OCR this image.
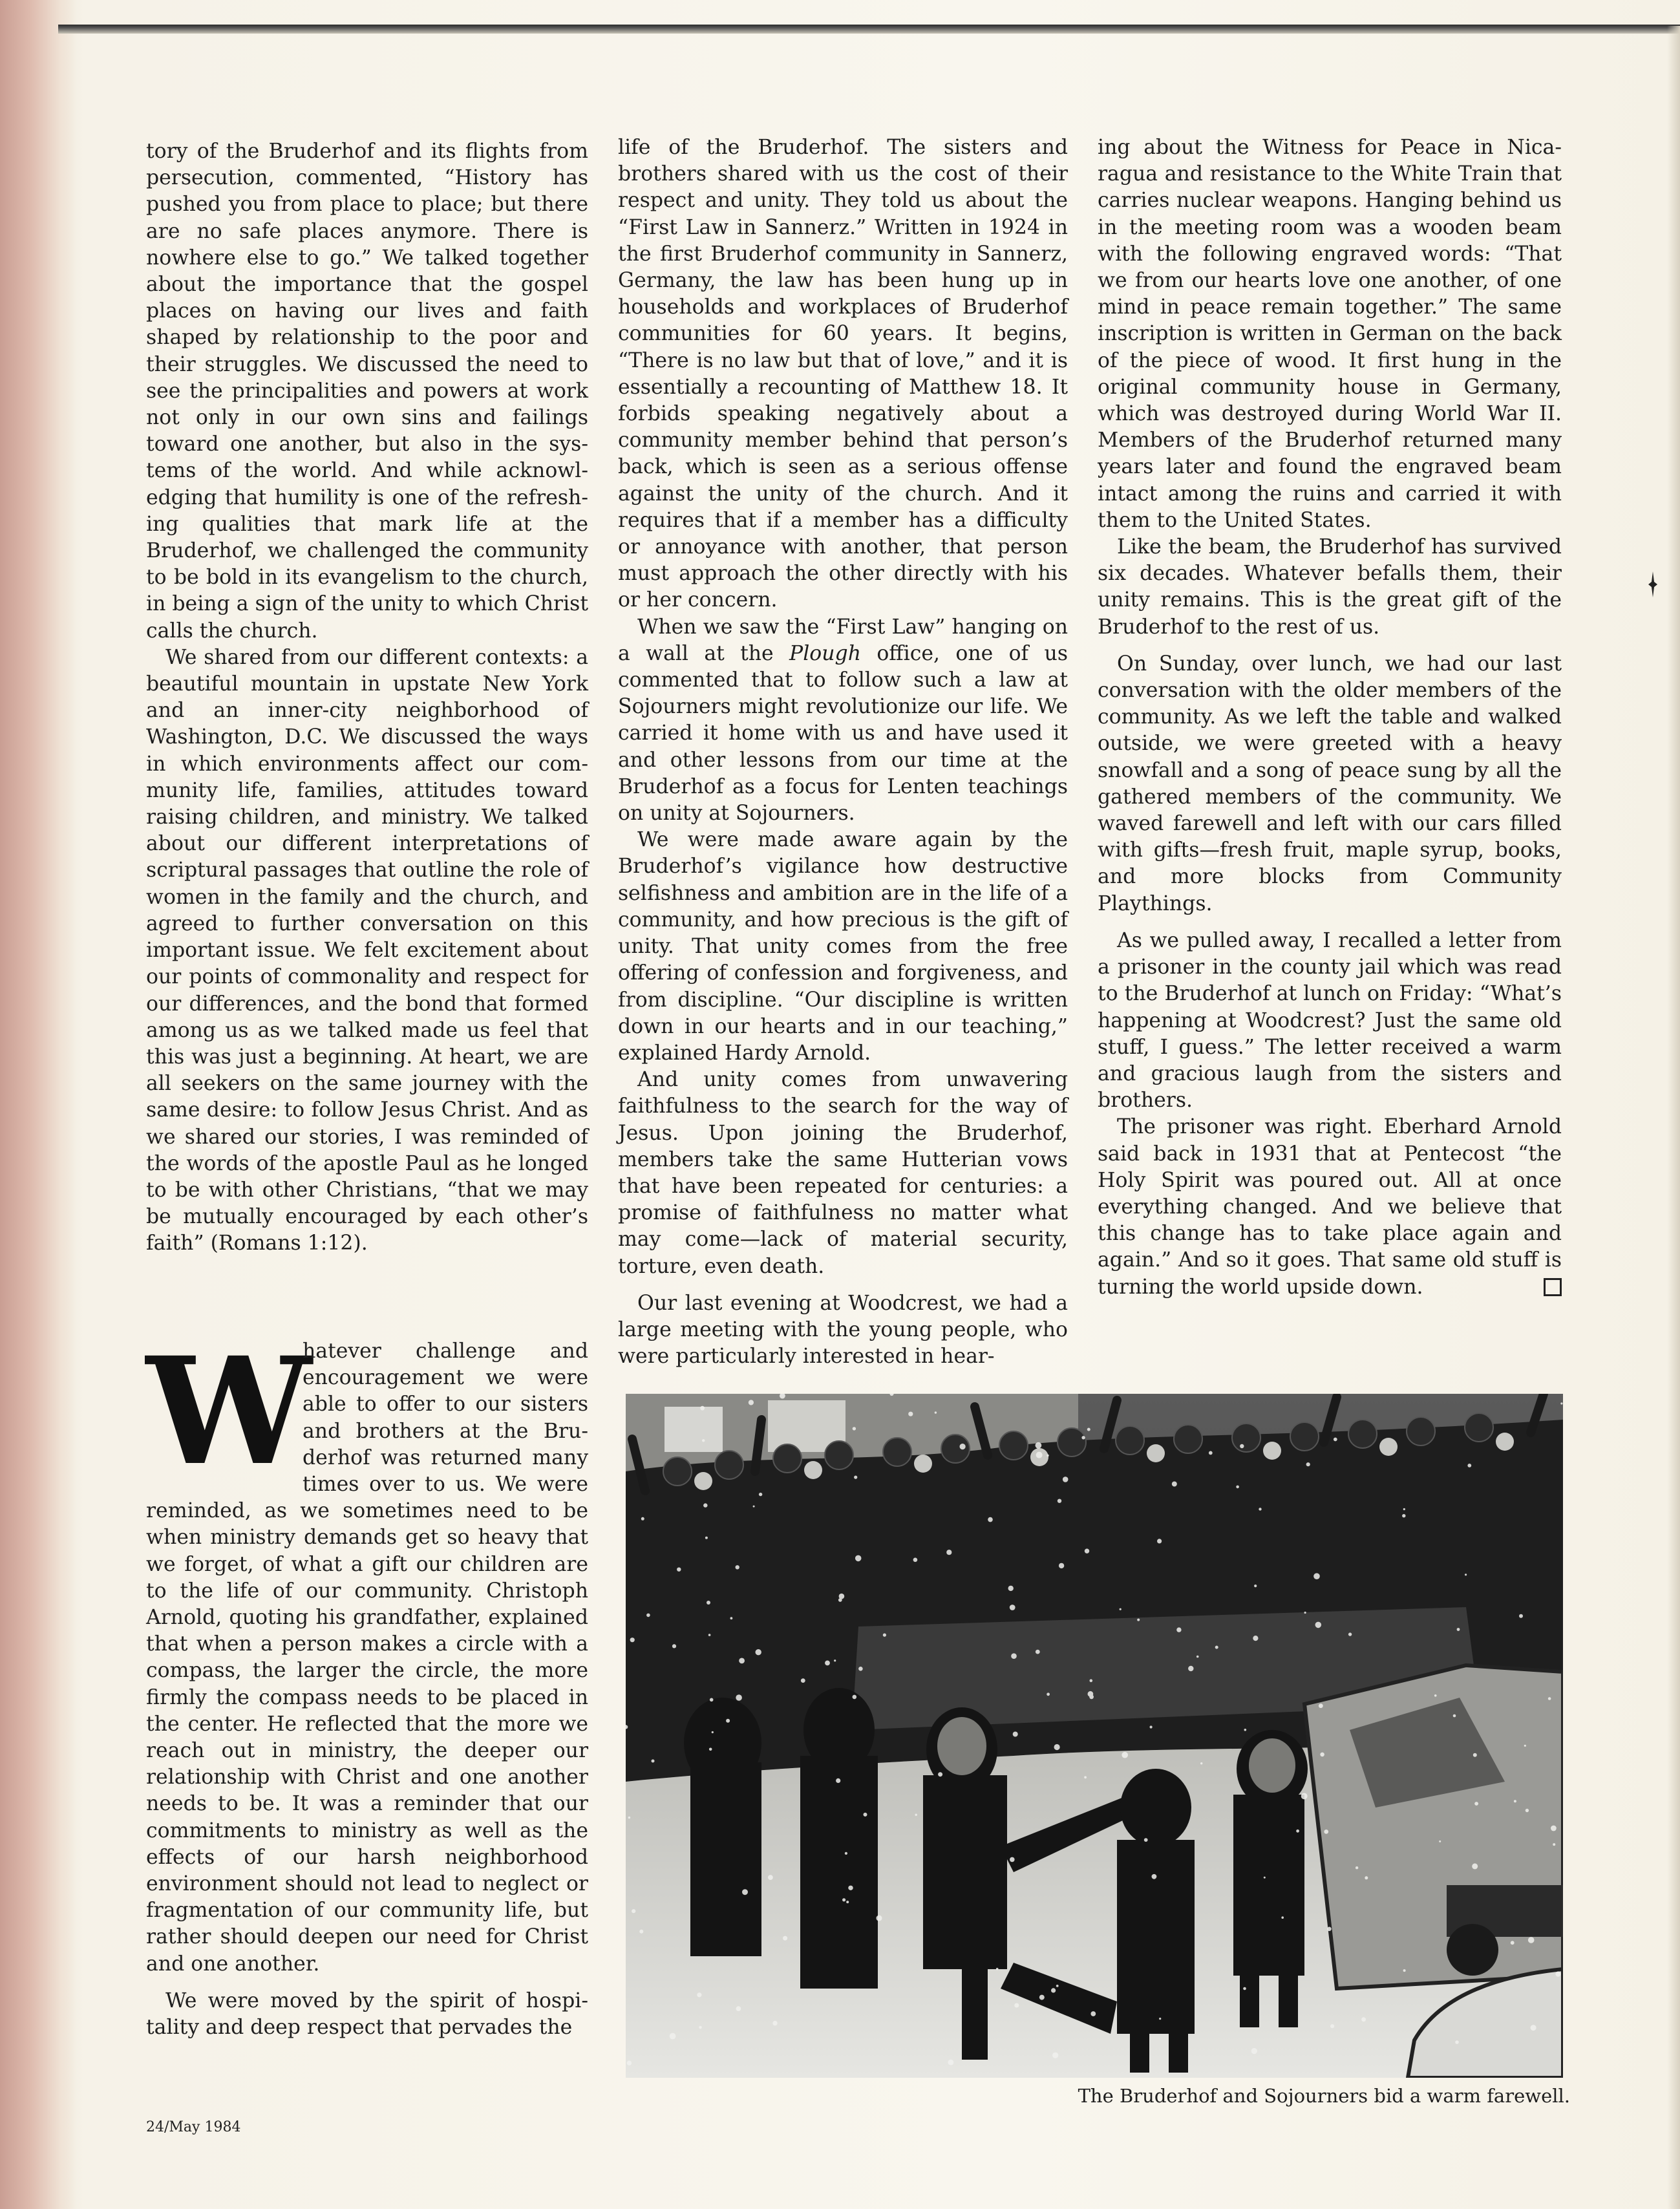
tory of the Bruderhof and its flights from persecution, commented, “History has pushed you from place to place; but there are no safe places anymore. There is nowhere else to go.” We talked together about the importance that the gospel places on having our lives and faith shaped by relationship to the poor and their struggles. We discussed the need to see the principalities and powers at work not only in our own sins and failings toward one another, but also in the systems of the world. And while acknowledging that humility is one of the refreshing qualities that mark life at the Bruderhof, we challenged the community to be bold in its evangelism to the church, in being a sign of the unity to which Christ calls the church.

We shared from our different contexts: a beautiful mountain in upstate New York and an inner-city neighborhood of Washington, D.C. We discussed the ways in which environments affect our community life, families, attitudes toward raising children, and ministry. We talked about our different interpretations of scriptural passages that outline the role of women in the family and the church, and agreed to further conversation on this important issue. We felt excitement about our points of commonality and respect for our differences, and the bond that formed among us as we talked made us feel that this was just a beginning. At heart, we are all seekers on the same journey with the same desire: to follow Jesus Christ. And as we shared our stories, I was reminded of the words of the apostle Paul as he longed to be with other Christians, “that we may be mutually encouraged by each other’s faith” (Romans 1:12).

W
hatever challenge and encouragement we were able to offer to our sisters and brothers at the Bruderhof was returned many times over to us. We were reminded, as we sometimes need to be when ministry demands get so heavy that we forget, of what a gift our children are to the life of our community. Christoph Arnold, quoting his grandfather, explained that when a person makes a circle with a compass, the larger the circle, the more firmly the compass needs to be placed in the center. He reflected that the more we reach out in ministry, the deeper our relationship with Christ and one another needs to be. It was a reminder that our commitments to ministry as well as the effects of our harsh neighborhood environment should not lead to neglect or fragmentation of our community life, but rather should deepen our need for Christ and one another.

We were moved by the spirit of hospitality and deep respect that pervades the

life of the Bruderhof. The sisters and brothers shared with us the cost of their respect and unity. They told us about the “First Law in Sannerz.” Written in 1924 in the first Bruderhof community in Sannerz, Germany, the law has been hung up in households and workplaces of Bruderhof communities for 60 years. It begins, “There is no law but that of love,” and it is essentially a recounting of Matthew 18. It forbids speaking negatively about a community member behind that person’s back, which is seen as a serious offense against the unity of the church. And it requires that if a member has a difficulty or annoyance with another, that person must approach the other directly with his or her concern.

When we saw the “First Law” hanging on a wall at the Plough office, one of us commented that to follow such a law at Sojourners might revolutionize our life. We carried it home with us and have used it and other lessons from our time at the Bruderhof as a focus for Lenten teachings on unity at Sojourners.

We were made aware again by the Bruderhof’s vigilance how destructive selfishness and ambition are in the life of a community, and how precious is the gift of unity. That unity comes from the free offering of confession and forgiveness, and from discipline. “Our discipline is written down in our hearts and in our teaching,” explained Hardy Arnold.

And unity comes from unwavering faithfulness to the search for the way of Jesus. Upon joining the Bruderhof, members take the same Hutterian vows that have been repeated for centuries: a promise of faithfulness no matter what may come—lack of material security, torture, even death.

Our last evening at Woodcrest, we had a large meeting with the young people, who were particularly interested in hear-

ing about the Witness for Peace in Nicaragua and resistance to the White Train that carries nuclear weapons. Hanging behind us in the meeting room was a wooden beam with the following engraved words: “That we from our hearts love one another, of one mind in peace remain together.” The same inscription is written in German on the back of the piece of wood. It first hung in the original community house in Germany, which was destroyed during World War II. Members of the Bruderhof returned many years later and found the engraved beam intact among the ruins and carried it with them to the United States.

Like the beam, the Bruderhof has survived six decades. Whatever befalls them, their unity remains. This is the great gift of the Bruderhof to the rest of us.

On Sunday, over lunch, we had our last conversation with the older members of the community. As we left the table and walked outside, we were greeted with a heavy snowfall and a song of peace sung by all the gathered members of the community. We waved farewell and left with our cars filled with gifts—fresh fruit, maple syrup, books, and more blocks from Community Playthings.

As we pulled away, I recalled a letter from a prisoner in the county jail which was read to the Bruderhof at lunch on Friday: “What’s happening at Woodcrest? Just the same old stuff, I guess.” The letter received a warm and gracious laugh from the sisters and brothers.

The prisoner was right. Eberhard Arnold said back in 1931 that at Pentecost “the Holy Spirit was poured out. All at once everything changed. And we believe that this change has to take place again and again.” And so it goes. That same old stuff is turning the world upside down.

The Bruderhof and Sojourners bid a warm farewell.
24/May 1984
